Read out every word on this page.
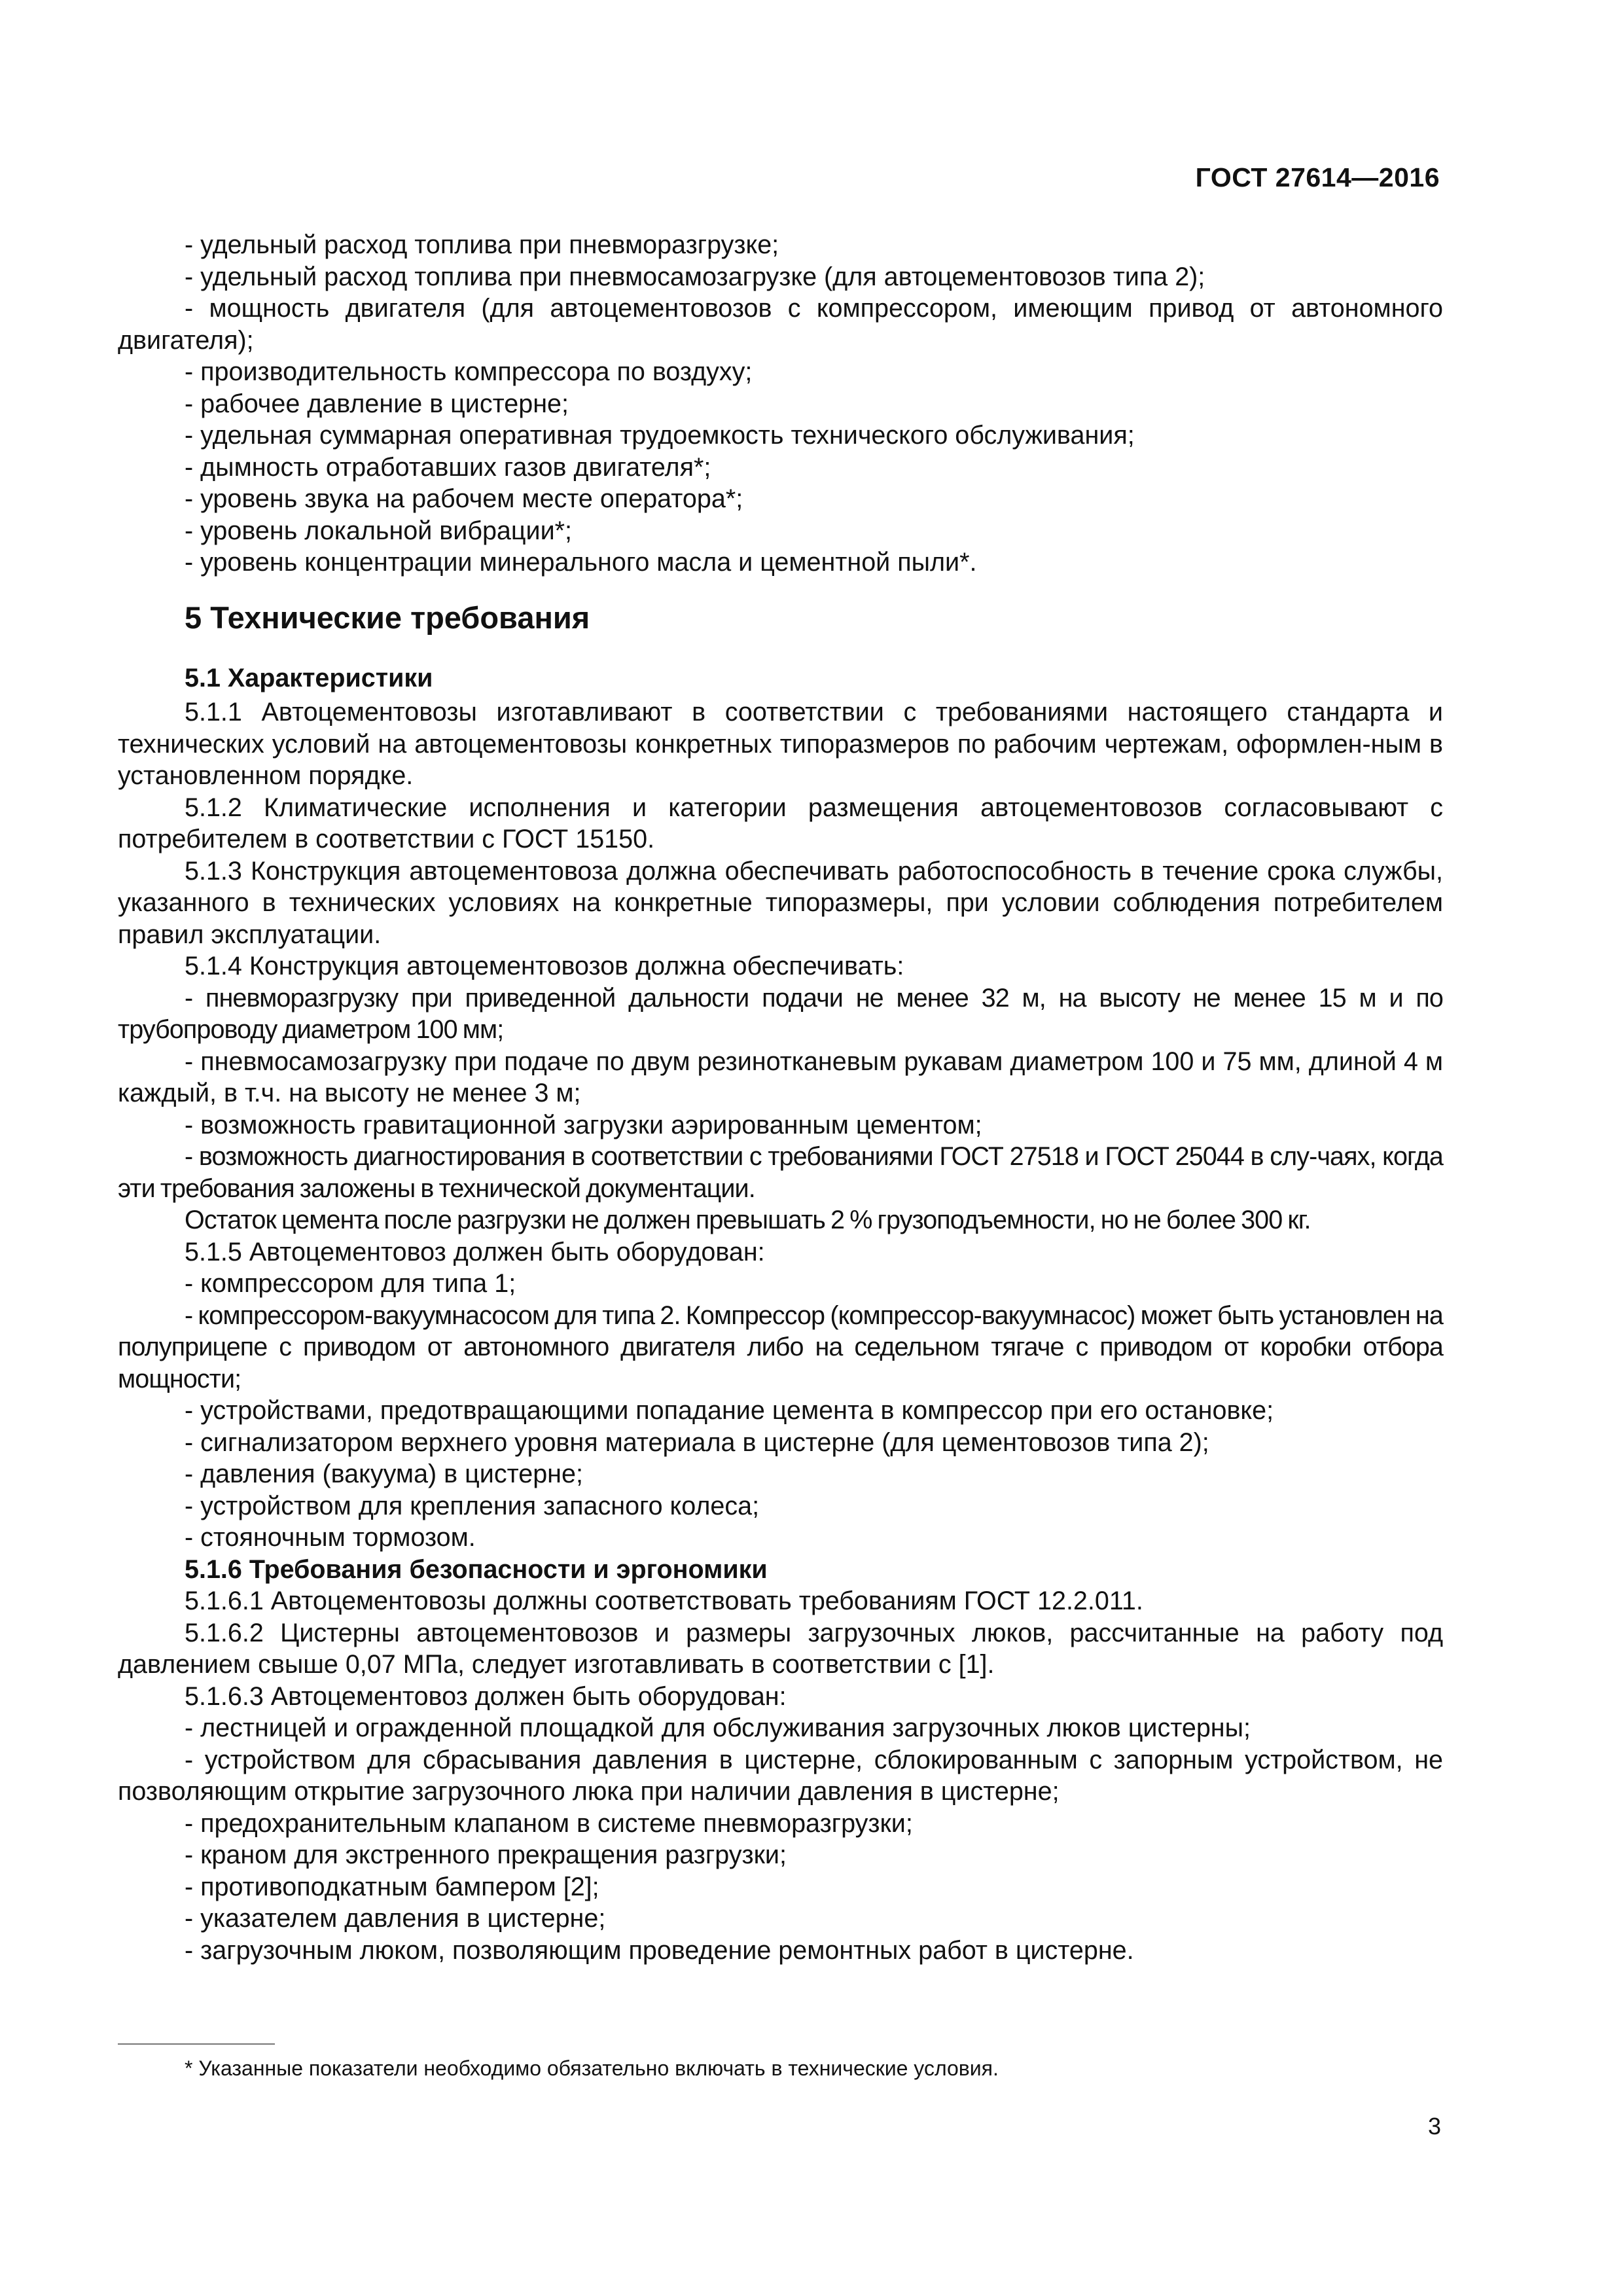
ГОСТ 27614—2016

- удельный расход топлива при пневморазгрузке;

- удельный расход топлива при пневмосамозагрузке (для автоцементовозов типа 2);

- мощность двигателя (для автоцементовозов с компрессором, имеющим привод от автономного двигателя);

- производительность компрессора по воздуху;

- рабочее давление в цистерне;

- удельная суммарная оперативная трудоемкость технического обслуживания;

- дымность отработавших газов двигателя*;

- уровень звука на рабочем месте оператора*;

- уровень локальной вибрации*;

- уровень концентрации минерального масла и цементной пыли*.

5 Технические требования
5.1 Характеристики

5.1.1 Автоцементовозы изготавливают в соответствии с требованиями настоящего стандарта и технических условий на автоцементовозы конкретных типоразмеров по рабочим чертежам, оформлен-ным в установленном порядке.

5.1.2 Климатические исполнения и категории размещения автоцементовозов согласовывают с потребителем в соответствии с ГОСТ 15150.

5.1.3 Конструкция автоцементовоза должна обеспечивать работоспособность в течение срока службы, указанного в технических условиях на конкретные типоразмеры, при условии соблюдения потребителем правил эксплуатации.

5.1.4 Конструкция автоцементовозов должна обеспечивать:

- пневморазгрузку при приведенной дальности подачи не менее 32 м, на высоту не менее 15 м и по трубопроводу диаметром 100 мм;

- пневмосамозагрузку при подаче по двум резинотканевым рукавам диаметром 100 и 75 мм, длиной 4 м каждый, в т.ч. на высоту не менее 3 м;

- возможность гравитационной загрузки аэрированным цементом;

- возможность диагностирования в соответствии с требованиями ГОСТ 27518 и ГОСТ 25044 в слу-чаях, когда эти требования заложены в технической документации.

Остаток цемента после разгрузки не должен превышать 2 % грузоподъемности, но не более 300 кг.

5.1.5 Автоцементовоз должен быть оборудован:

- компрессором для типа 1;

- компрессором-вакуумнасосом для типа 2. Компрессор (компрессор-вакуумнасос) может быть установлен на полуприцепе с приводом от автономного двигателя либо на седельном тягаче с приводом от коробки отбора мощности;

- устройствами, предотвращающими попадание цемента в компрессор при его остановке;

- сигнализатором верхнего уровня материала в цистерне (для цементовозов типа 2);

- давления (вакуума) в цистерне;

- устройством для крепления запасного колеса;

- стояночным тормозом.

5.1.6 Требования безопасности и эргономики

5.1.6.1 Автоцементовозы должны соответствовать требованиям ГОСТ 12.2.011.

5.1.6.2 Цистерны автоцементовозов и размеры загрузочных люков, рассчитанные на работу под давлением свыше 0,07 МПа, следует изготавливать в соответствии с [1].

5.1.6.3 Автоцементовоз должен быть оборудован:

- лестницей и огражденной площадкой для обслуживания загрузочных люков цистерны;

- устройством для сбрасывания давления в цистерне, сблокированным с запорным устройством, не позволяющим открытие загрузочного люка при наличии давления в цистерне;

- предохранительным клапаном в системе пневморазгрузки;

- краном для экстренного прекращения разгрузки;

- противоподкатным бампером [2];

- указателем давления в цистерне;

- загрузочным люком, позволяющим проведение ремонтных работ в цистерне.

* Указанные показатели необходимо обязательно включать в технические условия.
3
